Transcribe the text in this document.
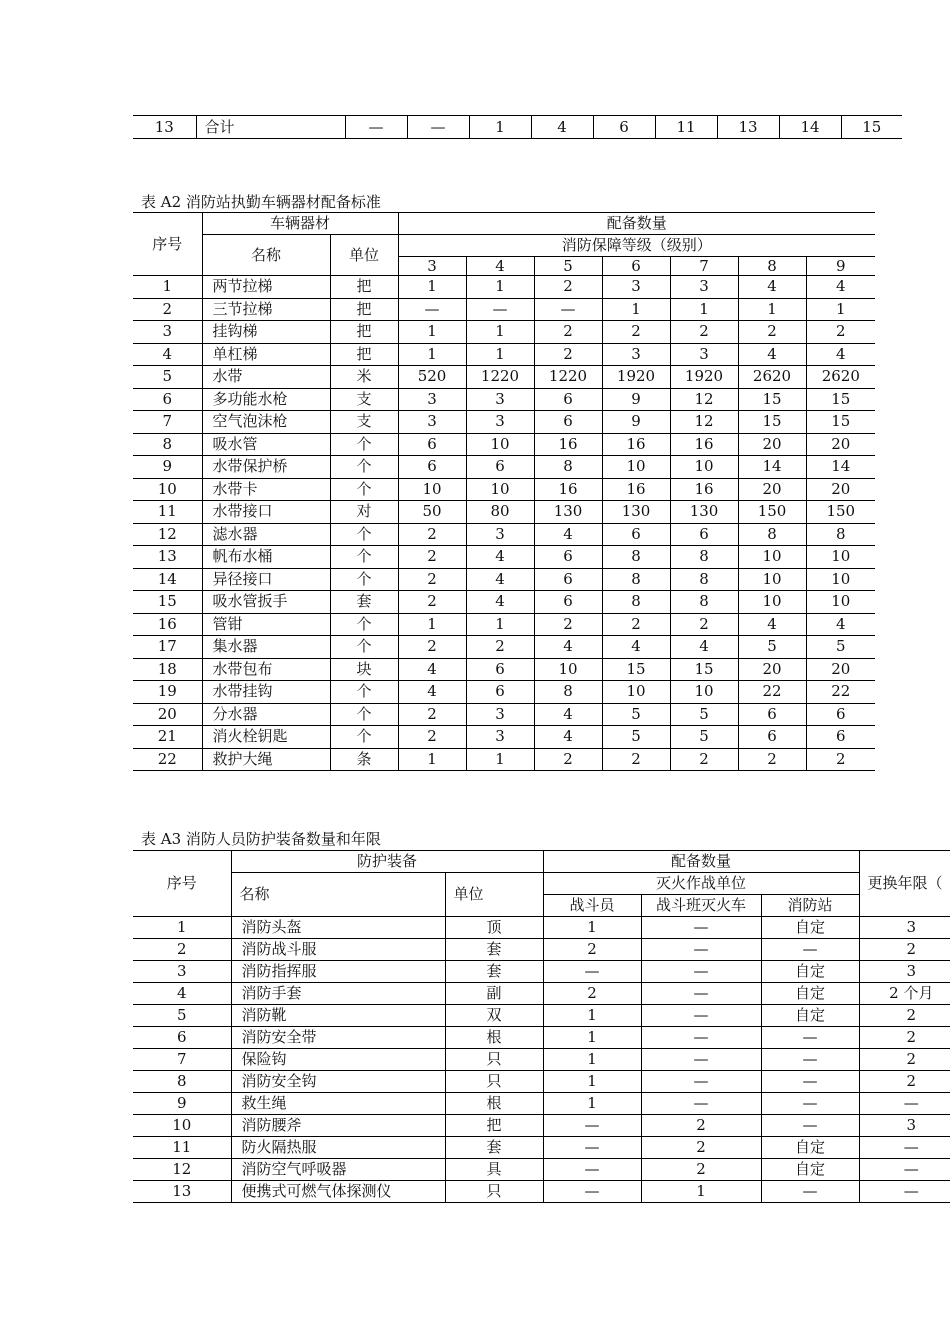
13	合计	—	—	1	4	6	11	13	14	15
表 A2 消防站执勤车辆器材配备标准
序号	车辆器材		配备数量						
	名称	单位	消防保障等级（级别）						
			3	4	5	6	7	8	9
1	两节拉梯	把	1	1	2	3	3	4	4
2	三节拉梯	把	—	—	—	1	1	1	1
3	挂钩梯	把	1	1	2	2	2	2	2
4	单杠梯	把	1	1	2	3	3	4	4
5	水带	米	520	1220	1220	1920	1920	2620	2620
6	多功能水枪	支	3	3	6	9	12	15	15
7	空气泡沫枪	支	3	3	6	9	12	15	15
8	吸水管	个	6	10	16	16	16	20	20
9	水带保护桥	个	6	6	8	10	10	14	14
10	水带卡	个	10	10	16	16	16	20	20
11	水带接口	对	50	80	130	130	130	150	150
12	滤水器	个	2	3	4	6	6	8	8
13	帆布水桶	个	2	4	6	8	8	10	10
14	异径接口	个	2	4	6	8	8	10	10
15	吸水管扳手	套	2	4	6	8	8	10	10
16	管钳	个	1	1	2	2	2	4	4
17	集水器	个	2	2	4	4	4	5	5
18	水带包布	块	4	6	10	15	15	20	20
19	水带挂钩	个	4	6	8	10	10	22	22
20	分水器	个	2	3	4	5	5	6	6
21	消火栓钥匙	个	2	3	4	5	5	6	6
22	救护大绳	条	1	1	2	2	2	2	2
表 A3 消防人员防护装备数量和年限
序号	防护装备		配备数量			更换年限（
	名称	单位	灭火作战单位			
			战斗员	战斗班灭火车	消防站	
1	消防头盔	顶	1	—	自定	3
2	消防战斗服	套	2	—	—	2
3	消防指挥服	套	—	—	自定	3
4	消防手套	副	2	—	自定	2 个月
5	消防靴	双	1	—	自定	2
6	消防安全带	根	1	—	—	2
7	保险钩	只	1	—	—	2
8	消防安全钩	只	1	—	—	2
9	救生绳	根	1	—	—	—
10	消防腰斧	把	—	2	—	3
11	防火隔热服	套	—	2	自定	—
12	消防空气呼吸器	具	—	2	自定	—
13	便携式可燃气体探测仪	只	—	1	—	—
